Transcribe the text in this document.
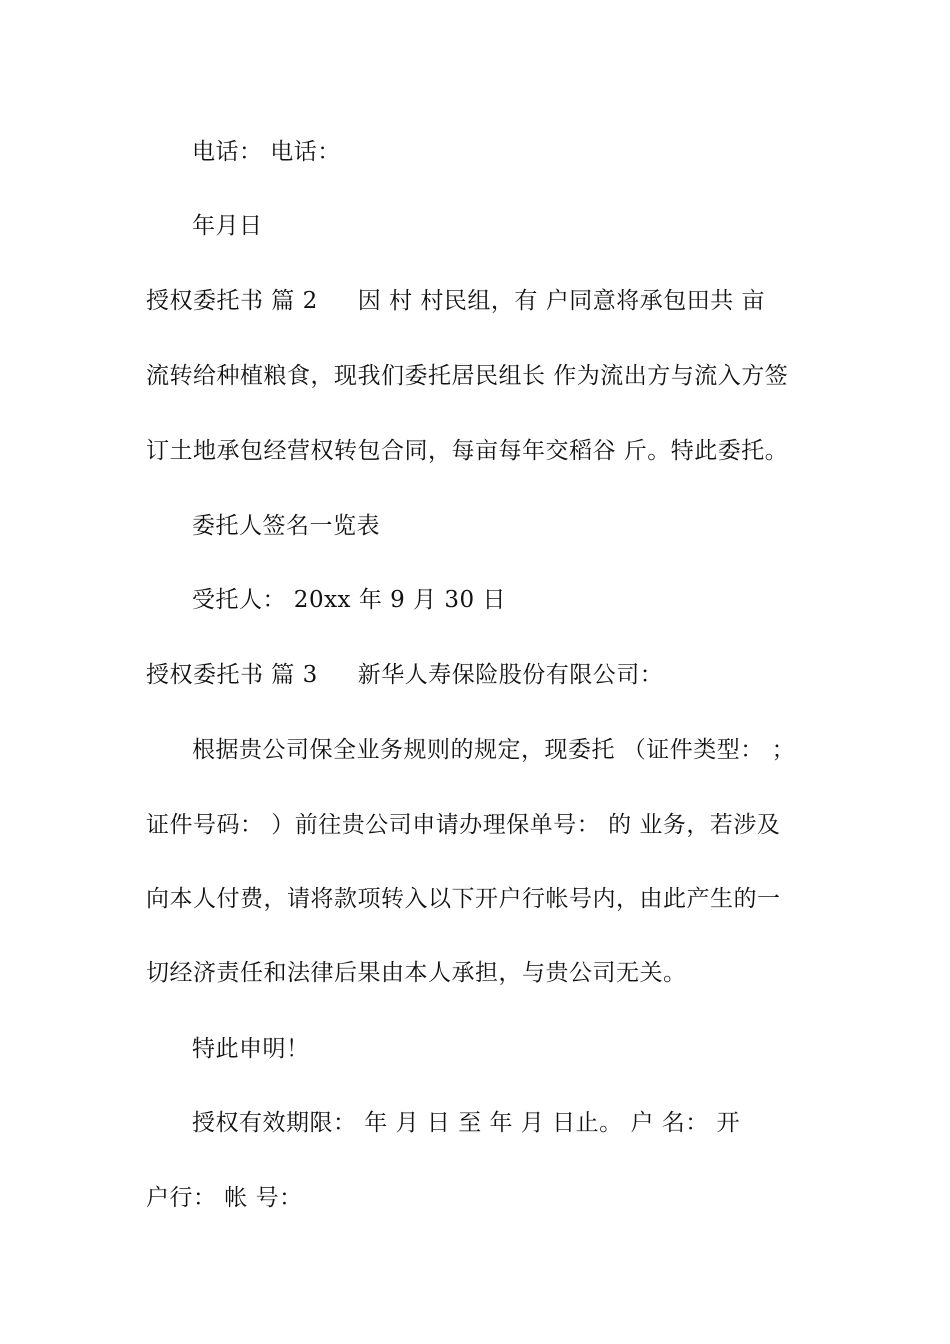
电话： 电话：
年月日
授权委托书 篇 2 因 村 村民组，有 户同意将承包田共 亩
流转给种植粮食，现我们委托居民组长 作为流出方与流入方签
订土地承包经营权转包合同，每亩每年交稻谷 斤。特此委托。
委托人签名一览表
受托人： 20xx 年 9 月 30 日
授权委托书 篇 3 新华人寿保险股份有限公司：
根据贵公司保全业务规则的规定，现委托 （证件类型： ；
证件号码： ）前往贵公司申请办理保单号： 的 业务，若涉及
向本人付费，请将款项转入以下开户行帐号内，由此产生的一
切经济责任和法律后果由本人承担，与贵公司无关。
特此申明！
授权有效期限： 年 月 日 至 年 月 日止。 户 名： 开
户行： 帐 号：
